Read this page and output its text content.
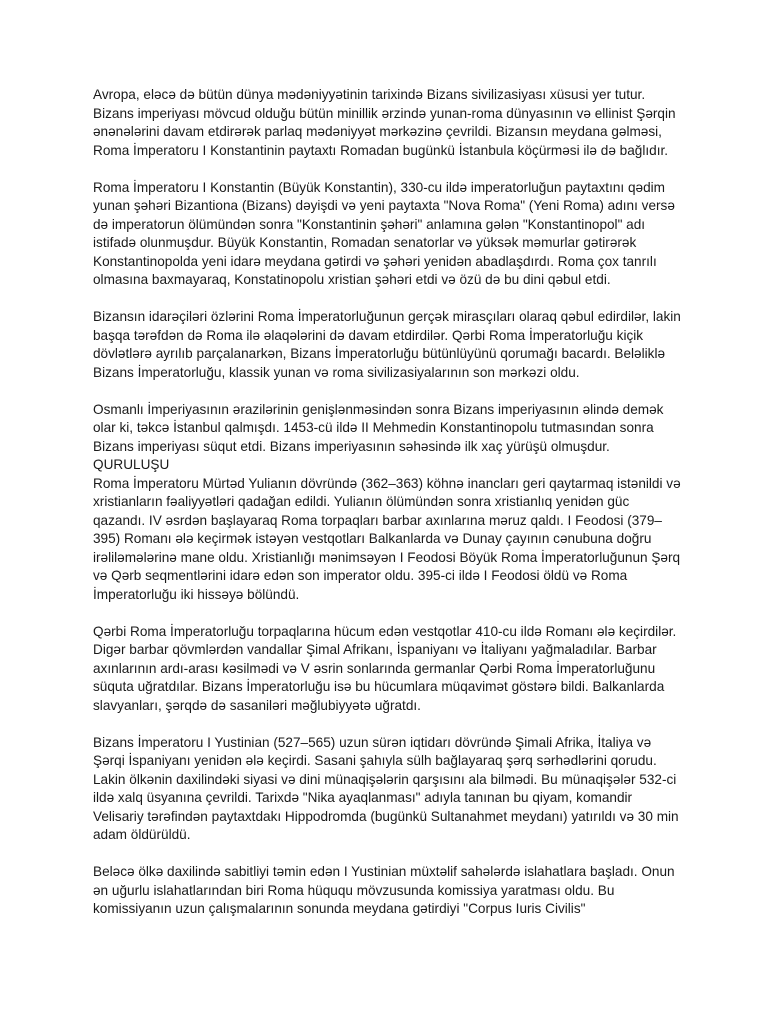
Avropa, eləcə də bütün dünya mədəniyyətinin tarixində Bizans sivilizasiyası xüsusi yer tutur. Bizans imperiyası mövcud olduğu bütün minillik ərzində yunan-roma dünyasının və ellinist Şərqin ənənələrini davam etdirərək parlaq mədəniyyət mərkəzinə çevrildi. Bizansın meydana gəlməsi, Roma İmperatoru I Konstantinin paytaxtı Romadan bugünkü İstanbula köçürməsi ilə də bağlıdır.

Roma İmperatoru I Konstantin (Büyük Konstantin), 330-cu ildə imperatorluğun paytaxtını qədim yunan şəhəri Bizantiona (Bizans) dəyişdi və yeni paytaxta "Nova Roma" (Yeni Roma) adını versə də imperatorun ölümündən sonra "Konstantinin şəhəri" anlamına gələn "Konstantinopol" adı istifadə olunmuşdur. Büyük Konstantin, Romadan senatorlar və yüksək məmurlar gətirərək Konstantinopolda yeni idarə meydana gətirdi və şəhəri yenidən abadlaşdırdı. Roma çox tanrılı olmasına baxmayaraq, Konstatinopolu xristian şəhəri etdi və özü də bu dini qəbul etdi.

Bizansın idarəçiləri özlərini Roma İmperatorluğunun gerçək mirasçıları olaraq qəbul edirdilər, lakin başqa tərəfdən də Roma ilə əlaqələrini də davam etdirdilər. Qərbi Roma İmperatorluğu kiçik dövlətlərə ayrılıb parçalanarkən, Bizans İmperatorluğu bütünlüyünü qorumağı bacardı. Beləliklə Bizans İmperatorluğu, klassik yunan və roma sivilizasiyalarının son mərkəzi oldu.

Osmanlı İmperiyasının ərazilərinin genişlənməsindən sonra Bizans imperiyasının əlində demək olar ki, təkcə İstanbul qalmışdı. 1453-cü ildə II Mehmedin Konstantinopolu tutmasından sonra Bizans imperiyası süqut etdi. Bizans imperiyasının səhəsində ilk xaç yürüşü olmuşdur.

QURULUŞU

Roma İmperatoru Mürtəd Yulianın dövründə (362–363) köhnə inancları geri qaytarmaq istənildi və xristianların fəaliyyətləri qadağan edildi. Yulianın ölümündən sonra xristianlıq yenidən güc qazandı. IV əsrdən başlayaraq Roma torpaqları barbar axınlarına məruz qaldı. I Feodosi (379–395) Romanı ələ keçirmək istəyən vestqotları Balkanlarda və Dunay çayının cənubuna doğru irəliləmələrinə mane oldu. Xristianlığı mənimsəyən I Feodosi Böyük Roma İmperatorluğunun Şərq və Qərb seqmentlərini idarə edən son imperator oldu. 395-ci ildə I Feodosi öldü və Roma İmperatorluğu iki hissəyə bölündü.

Qərbi Roma İmperatorluğu torpaqlarına hücum edən vestqotlar 410-cu ildə Romanı ələ keçirdilər. Digər barbar qövmlərdən vandallar Şimal Afrikanı, İspaniyanı və İtaliyanı yağmaladılar. Barbar axınlarının ardı-arası kəsilmədi və V əsrin sonlarında germanlar Qərbi Roma İmperatorluğunu süquta uğratdılar. Bizans İmperatorluğu isə bu hücumlara müqavimət göstərə bildi. Balkanlarda slavyanları, şərqdə də sasaniləri məğlubiyyətə uğratdı.

Bizans İmperatoru I Yustinian (527–565) uzun sürən iqtidarı dövründə Şimali Afrika, İtaliya və Şərqi İspaniyanı yenidən ələ keçirdi. Sasani şahıyla sülh bağlayaraq şərq sərhədlərini qorudu. Lakin ölkənin daxilindəki siyasi və dini münaqişələrin qarşısını ala bilmədi. Bu münaqişələr 532-ci ildə xalq üsyanına çevrildi. Tarixdə "Nika ayaqlanması" adıyla tanınan bu qiyam, komandir Velisariy tərəfindən paytaxtdakı Hippodromda (bugünkü Sultanahmet meydanı) yatırıldı və 30 min adam öldürüldü.

Beləcə ölkə daxilində sabitliyi təmin edən I Yustinian müxtəlif sahələrdə islahatlara başladı. Onun ən uğurlu islahatlarından biri Roma hüququ mövzusunda komissiya yaratması oldu. Bu komissiyanın uzun çalışmalarının sonunda meydana gətirdiyi "Corpus Iuris Civilis"
